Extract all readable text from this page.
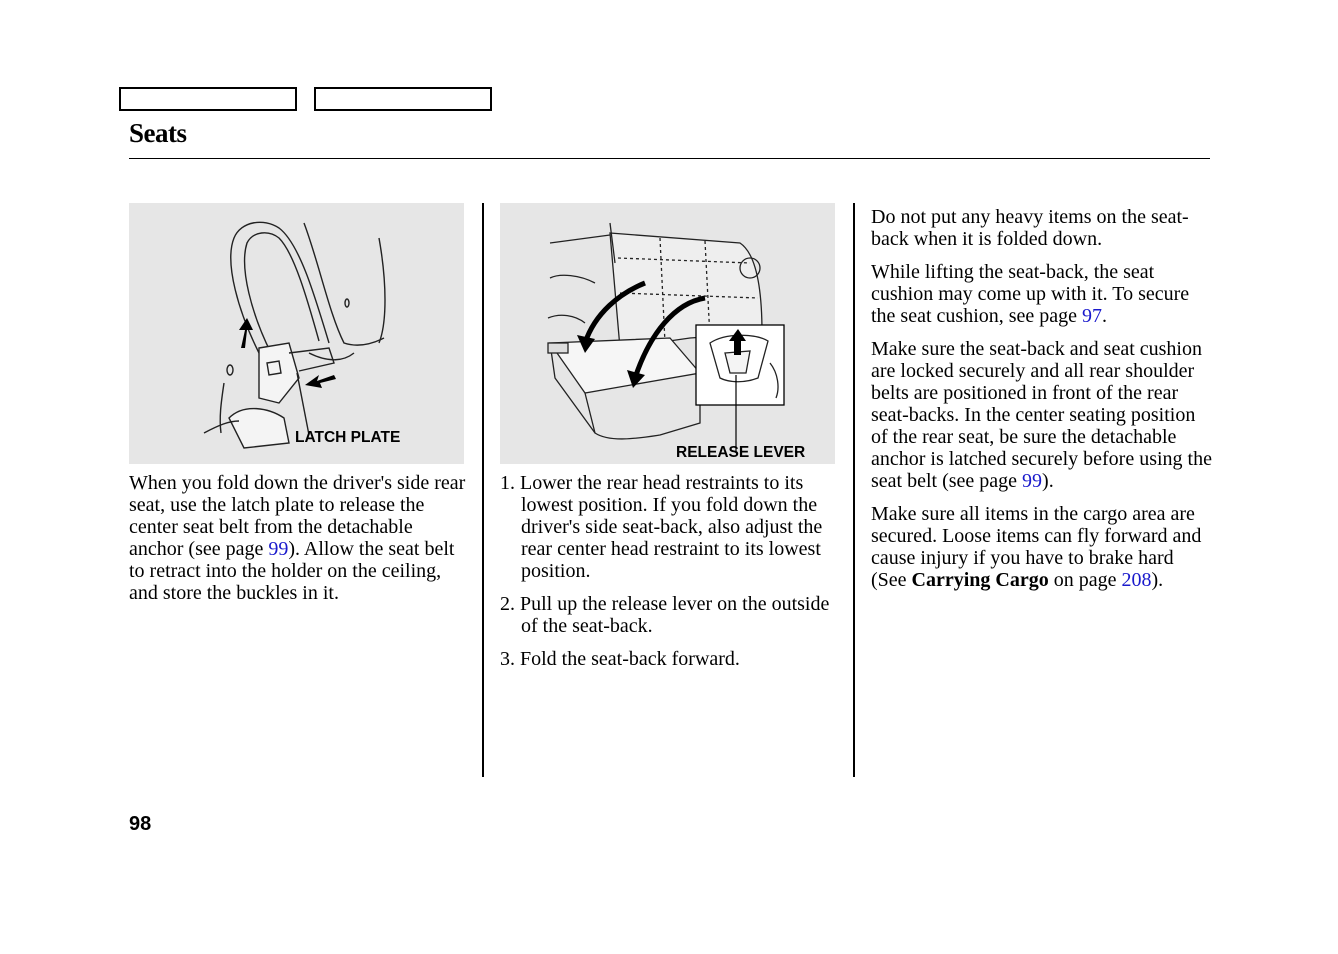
Seats
LATCH PLATE

When you fold down the driver's side rear seat, use the latch plate to release the center seat belt from the detachable anchor (see page 99). Allow the seat belt to retract into the holder on the ceiling, and store the buckles in it.

RELEASE LEVER
1. Lower the rear head restraints to its lowest position. If you fold down the driver's side seat-back, also adjust the rear center head restraint to its lowest position.
2. Pull up the release lever on the outside of the seat-back.
3. Fold the seat-back forward.

Do not put any heavy items on the seat-back when it is folded down.

While lifting the seat-back, the seat cushion may come up with it. To secure the seat cushion, see page 97.

Make sure the seat-back and seat cushion are locked securely and all rear shoulder belts are positioned in front of the rear seat-backs. In the center seating position of the rear seat, be sure the detachable anchor is latched securely before using the seat belt (see page 99).

Make sure all items in the cargo area are secured. Loose items can fly forward and cause injury if you have to brake hard (See Carrying Cargo on page 208).

98
